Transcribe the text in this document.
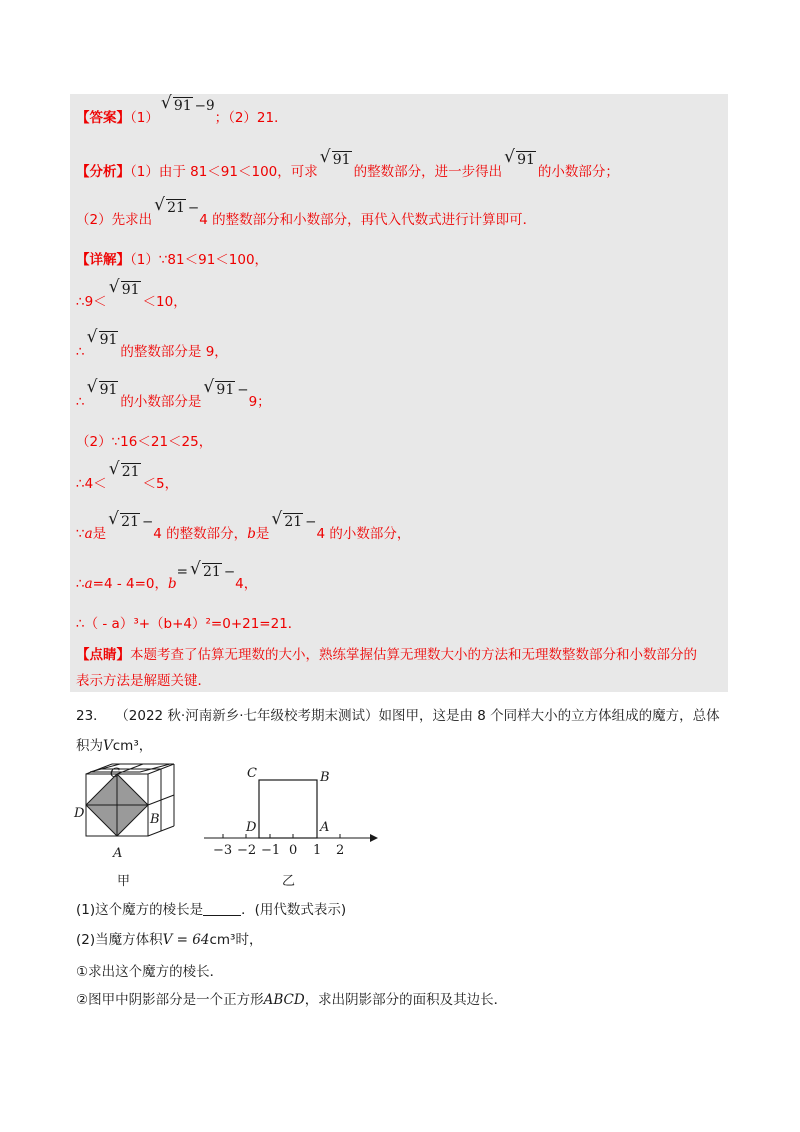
【答案】（1）
√ 91 −9；（2）21．
【分析】（1）由于 81＜91＜100，可求
√ 91的整数部分，进一步得出
√ 91的小数部分；
（2）先求出
√ 21 −4 的整数部分和小数部分，再代入代数式进行计算即可．
【详解】（1）∵81＜91＜100，
∴9＜
√ 91＜10，
∴
√ 91的整数部分是 9，
∴
√ 91的小数部分是
√ 91 −9；
（2）∵16＜21＜25，
∴4＜
√ 21＜5，
∵a是
√ 21 −4 的整数部分，b是
√ 21 −4 的小数部分，
∴a=4 - 4=0，b= √ 21 −4，
∴（ - a）³+（b+4）²=0+21=21．
【点睛】本题考查了估算无理数的大小，熟练掌握估算无理数大小的方法和无理数整数部分和小数部分的
表示方法是解题关键．
23． （2022 秋·河南新乡·七年级校考期末测试）如图甲，这是由 8 个同样大小的立方体组成的魔方，总体
积为Vcm³，
C
D	B
A
甲
C	B
D	A
−3 −2 −1 0 1 2
乙
(1)这个魔方的棱长是	．(用代数式表示)
(2)当魔方体积V = 64cm³时，
①求出这个魔方的棱长．
②图甲中阴影部分是一个正方形ABCD，求出阴影部分的面积及其边长．
